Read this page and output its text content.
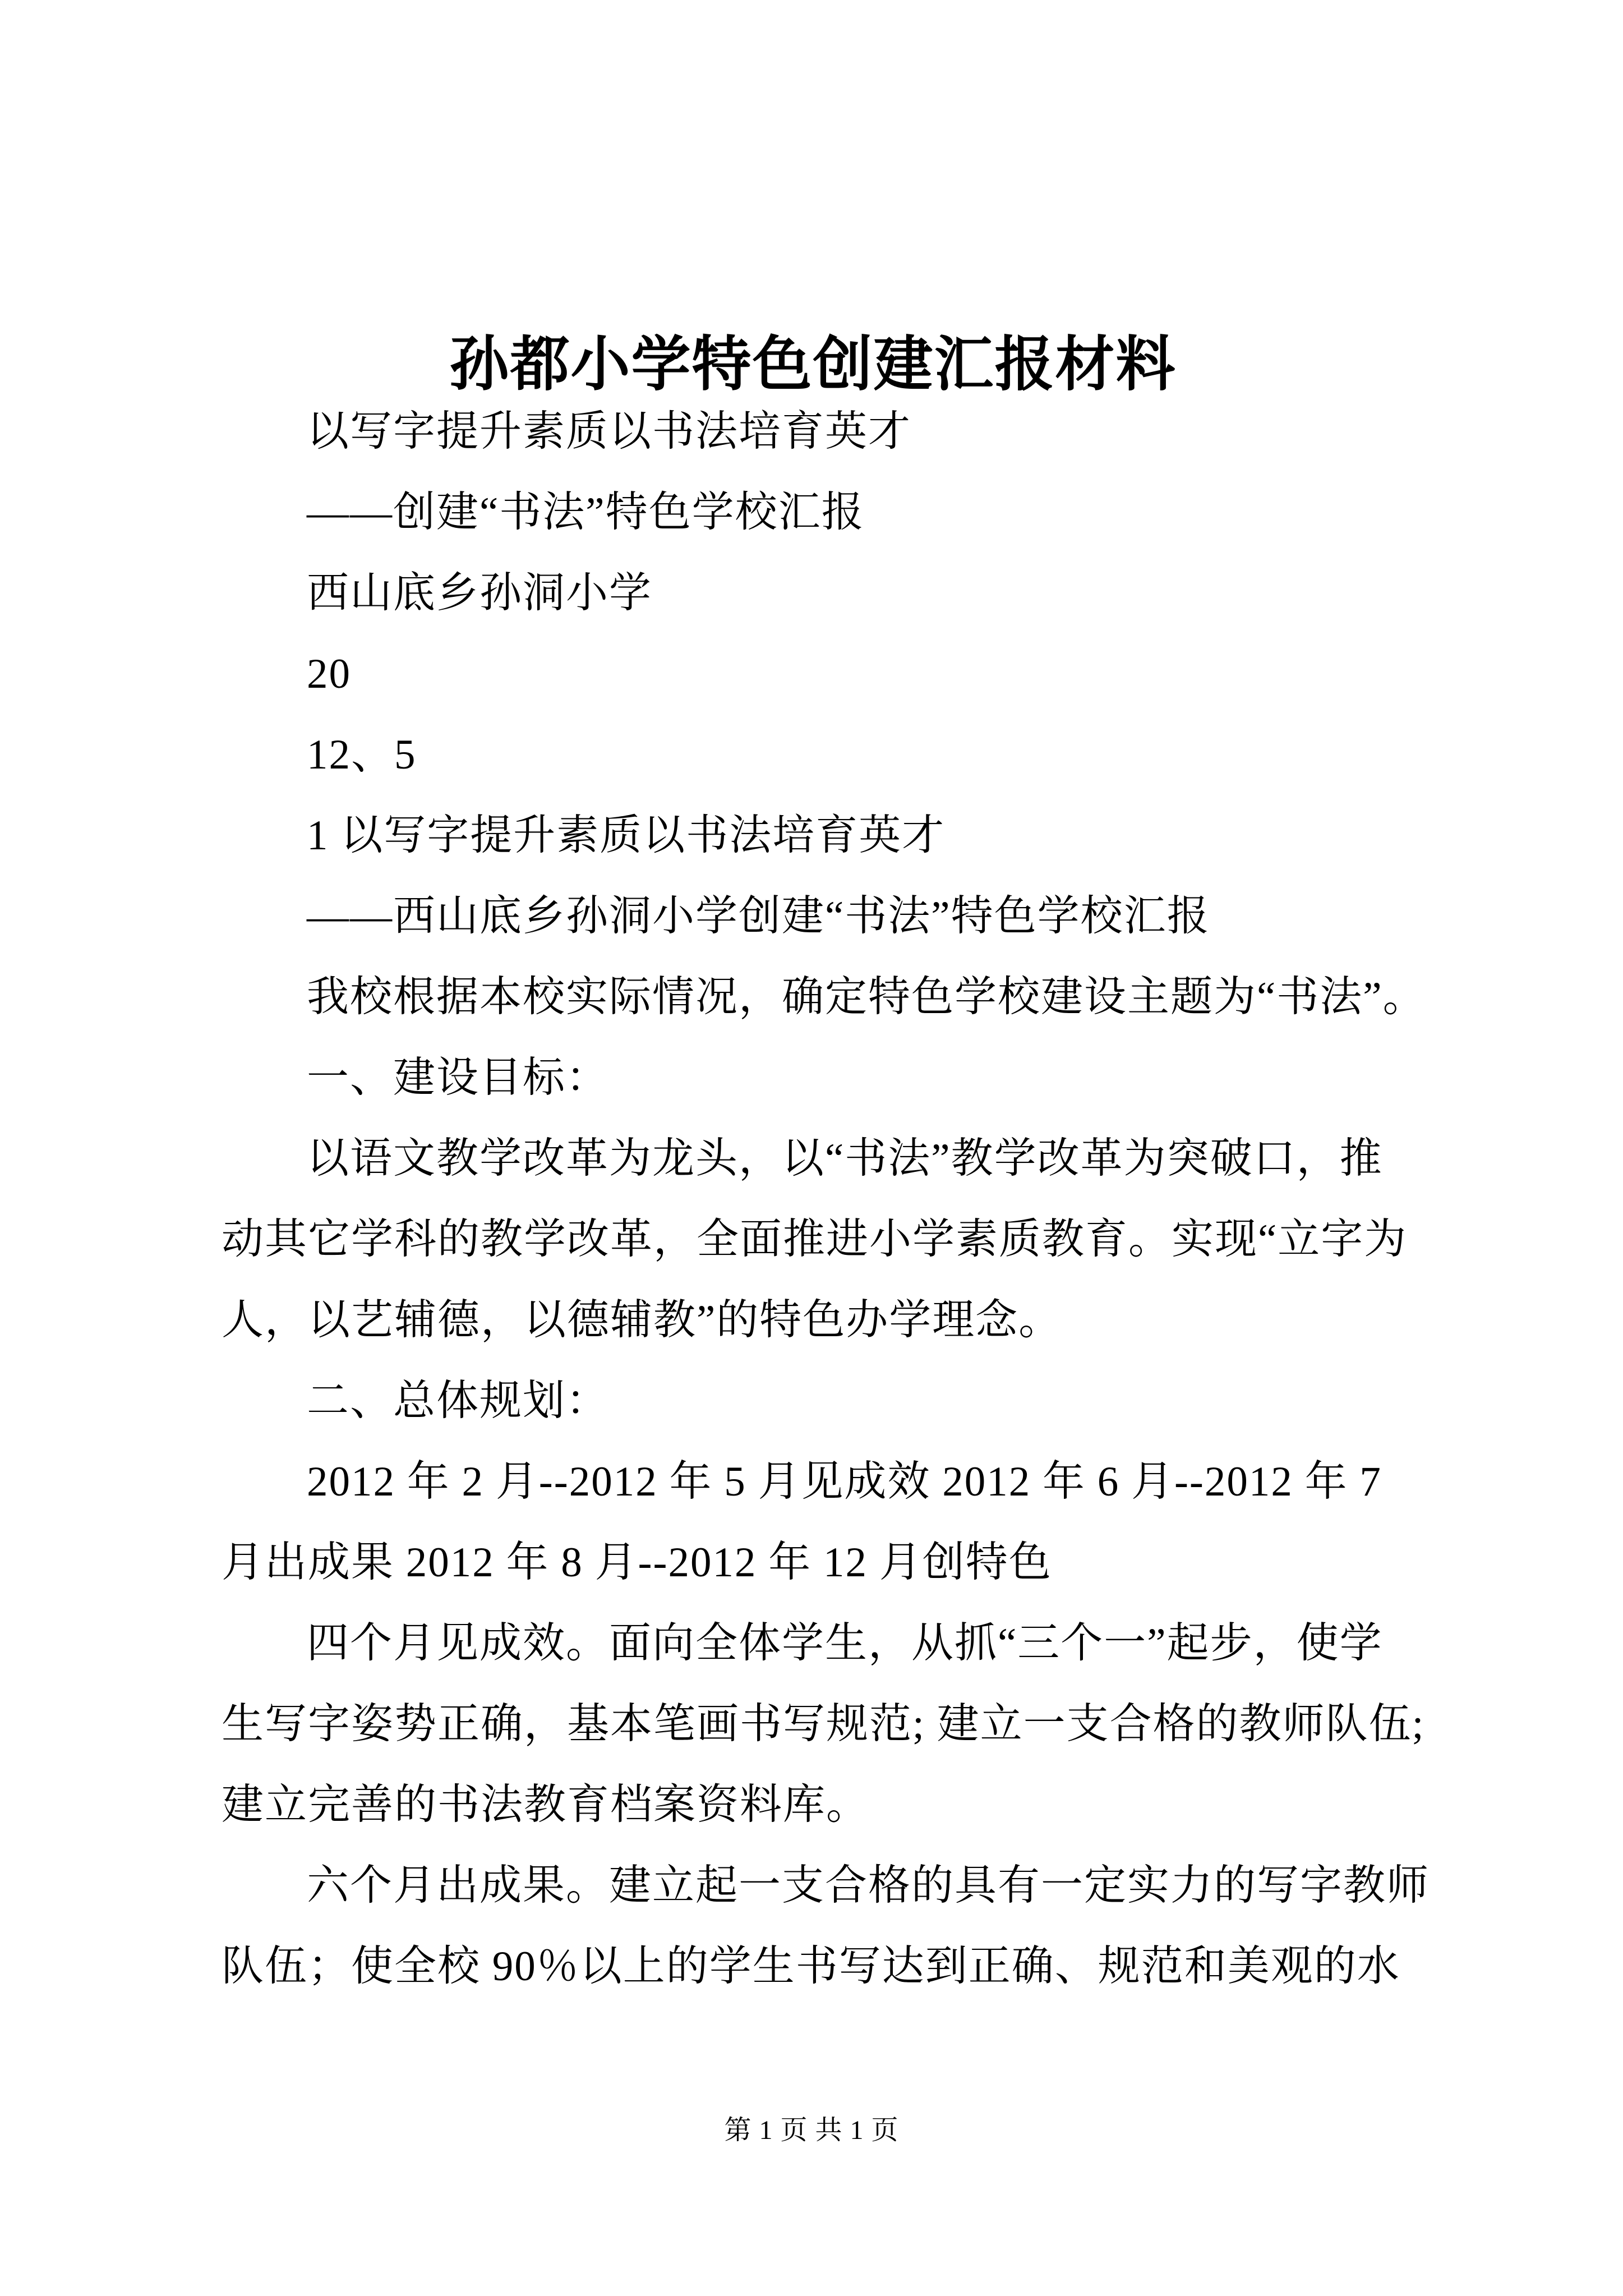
孙都小学特色创建汇报材料
以写字提升素质以书法培育英才
——创建“书法”特色学校汇报
西山底乡孙洞小学
20
12、5
1 以写字提升素质以书法培育英才
——西山底乡孙洞小学创建“书法”特色学校汇报
我校根据本校实际情况，确定特色学校建设主题为“书法”。
一、建设目标：
以语文教学改革为龙头，以“书法”教学改革为突破口，推
动其它学科的教学改革，全面推进小学素质教育。实现“立字为
人，以艺辅德，以德辅教”的特色办学理念。
二、总体规划：
2012 年 2 月--2012 年 5 月见成效 2012 年 6 月--2012 年 7
月出成果 2012 年 8 月--2012 年 12 月创特色
四个月见成效。面向全体学生，从抓“三个一”起步，使学
生写字姿势正确，基本笔画书写规范; 建立一支合格的教师队伍;
建立完善的书法教育档案资料库。
六个月出成果。建立起一支合格的具有一定实力的写字教师
队伍；使全校 90％以上的学生书写达到正确、规范和美观的水
第 1 页 共 1 页
